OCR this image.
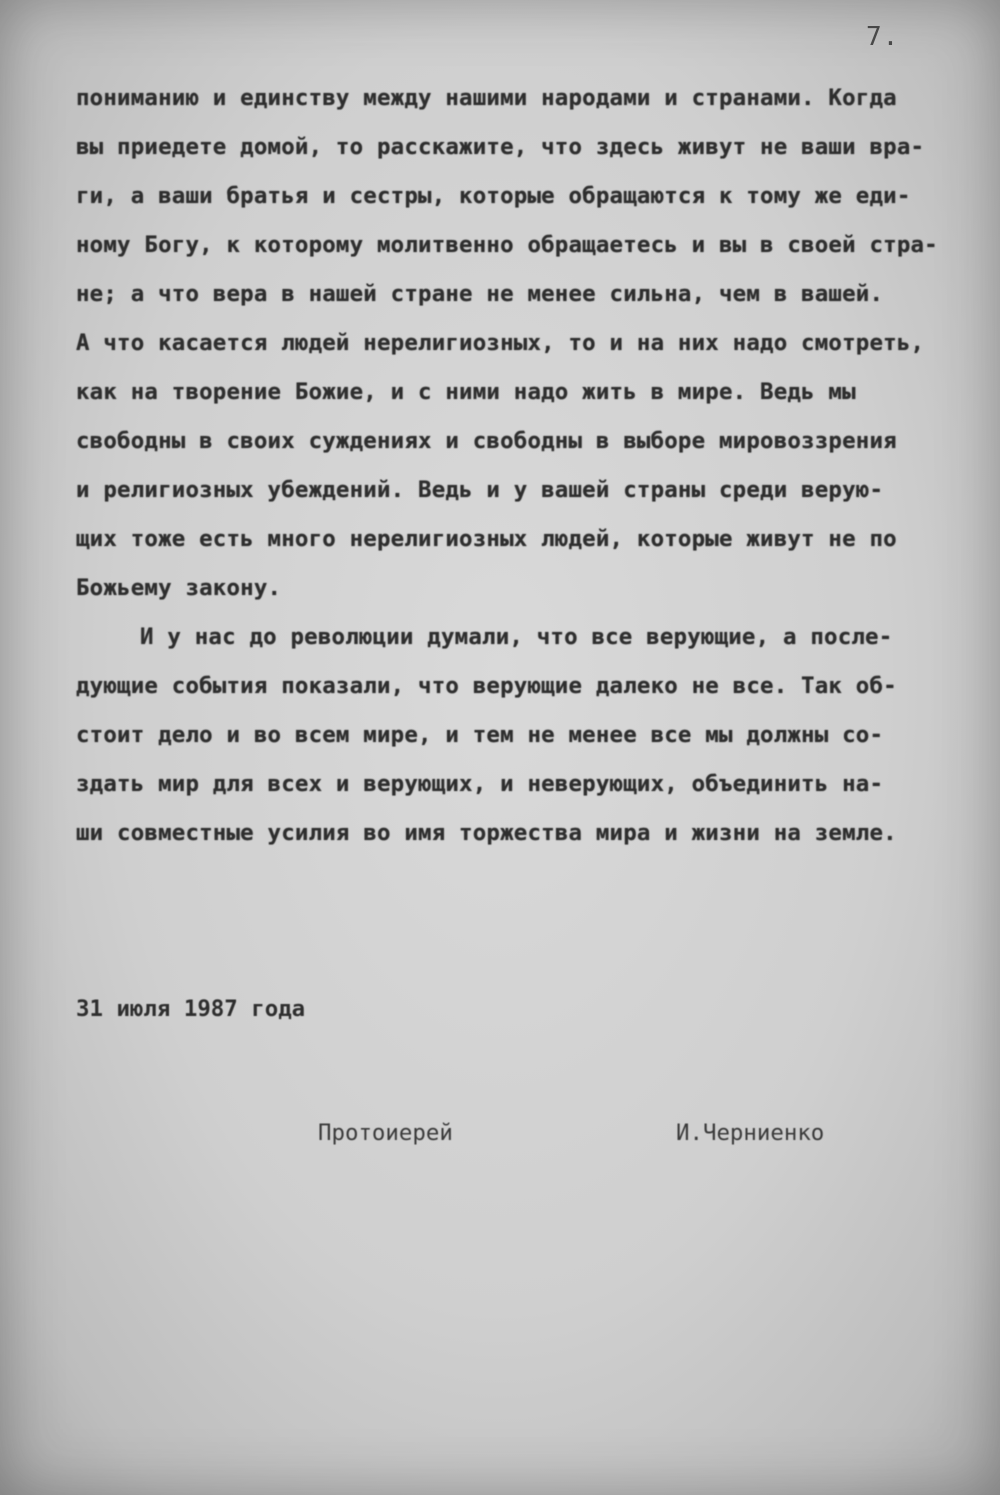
7.
пониманию и единству между нашими народами и странами. Когда
вы приедете домой, то расскажите, что здесь живут не ваши вра-
ги, а ваши братья и сестры, которые обращаются к тому же еди-
ному Богу, к которому молитвенно обращаетесь и вы в своей стра-
не; а что вера в нашей стране не менее сильна, чем в вашей.
А что касается людей нерелигиозных, то и на них надо смотреть,
как на творение Божие, и с ними надо жить в мире. Ведь мы
свободны в своих суждениях и свободны в выборе мировоззрения
и религиозных убеждений. Ведь и у вашей страны среди верую-
щих тоже есть много нерелигиозных людей, которые живут не по
Божьему закону.
И у нас до революции думали, что все верующие, а после-
дующие события показали, что верующие далеко не все. Так об-
стоит дело и во всем мире, и тем не менее все мы должны со-
здать мир для всех и верующих, и неверующих, объединить на-
ши совместные усилия во имя торжества мира и жизни на земле.
31 июля 1987 года
Протоиерей	И.Черниенко
